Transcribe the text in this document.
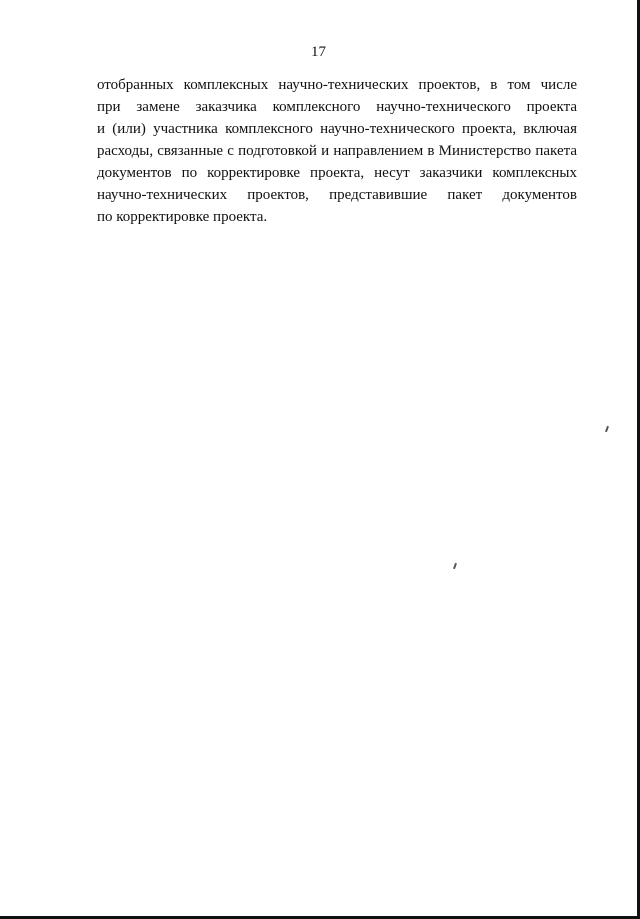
17
отобранных комплексных научно-технических проектов, в том числе
при замене заказчика комплексного научно-технического проекта
и (или) участника комплексного научно-технического проекта, включая
расходы, связанные с подготовкой и направлением в Министерство пакета
документов по корректировке проекта, несут заказчики комплексных
научно-технических проектов, представившие пакет документов
по корректировке проекта.
